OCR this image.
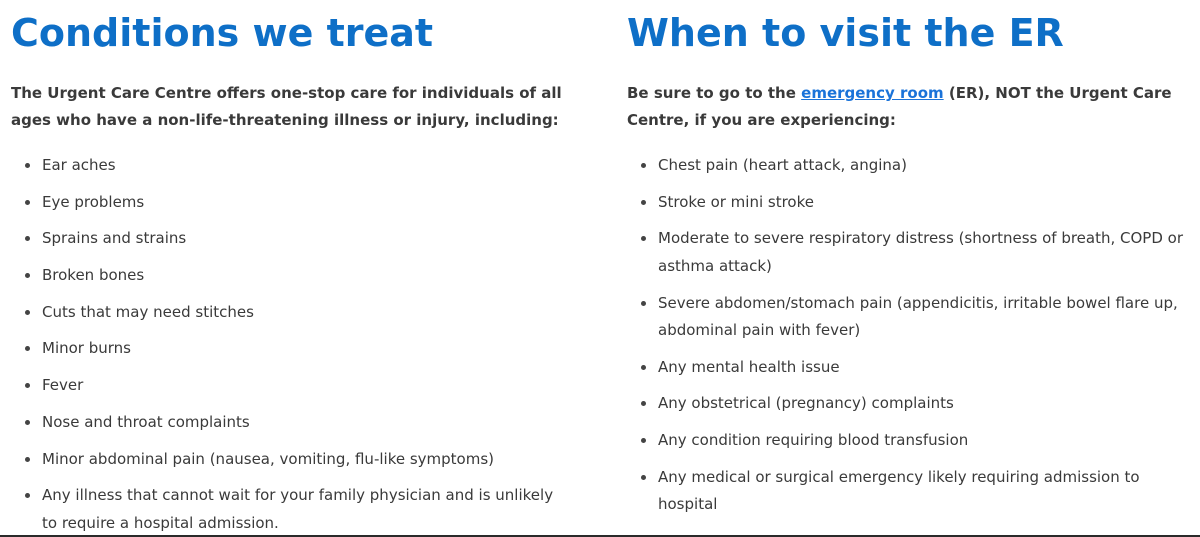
Conditions we treat

The Urgent Care Centre offers one-stop care for individuals of all ages who have a non-life-threatening illness or injury, including:

Ear aches
Eye problems
Sprains and strains
Broken bones
Cuts that may need stitches
Minor burns
Fever
Nose and throat complaints
Minor abdominal pain (nausea, vomiting, flu-like symptoms)
Any illness that cannot wait for your family physician and is unlikely to require a hospital admission.
When to visit the ER

Be sure to go to the emergency room (ER), NOT the Urgent Care Centre, if you are experiencing:

Chest pain (heart attack, angina)
Stroke or mini stroke
Moderate to severe respiratory distress (shortness of breath, COPD or asthma attack)
Severe abdomen/stomach pain (appendicitis, irritable bowel flare up, abdominal pain with fever)
Any mental health issue
Any obstetrical (pregnancy) complaints
Any condition requiring blood transfusion
Any medical or surgical emergency likely requiring admission to hospital
